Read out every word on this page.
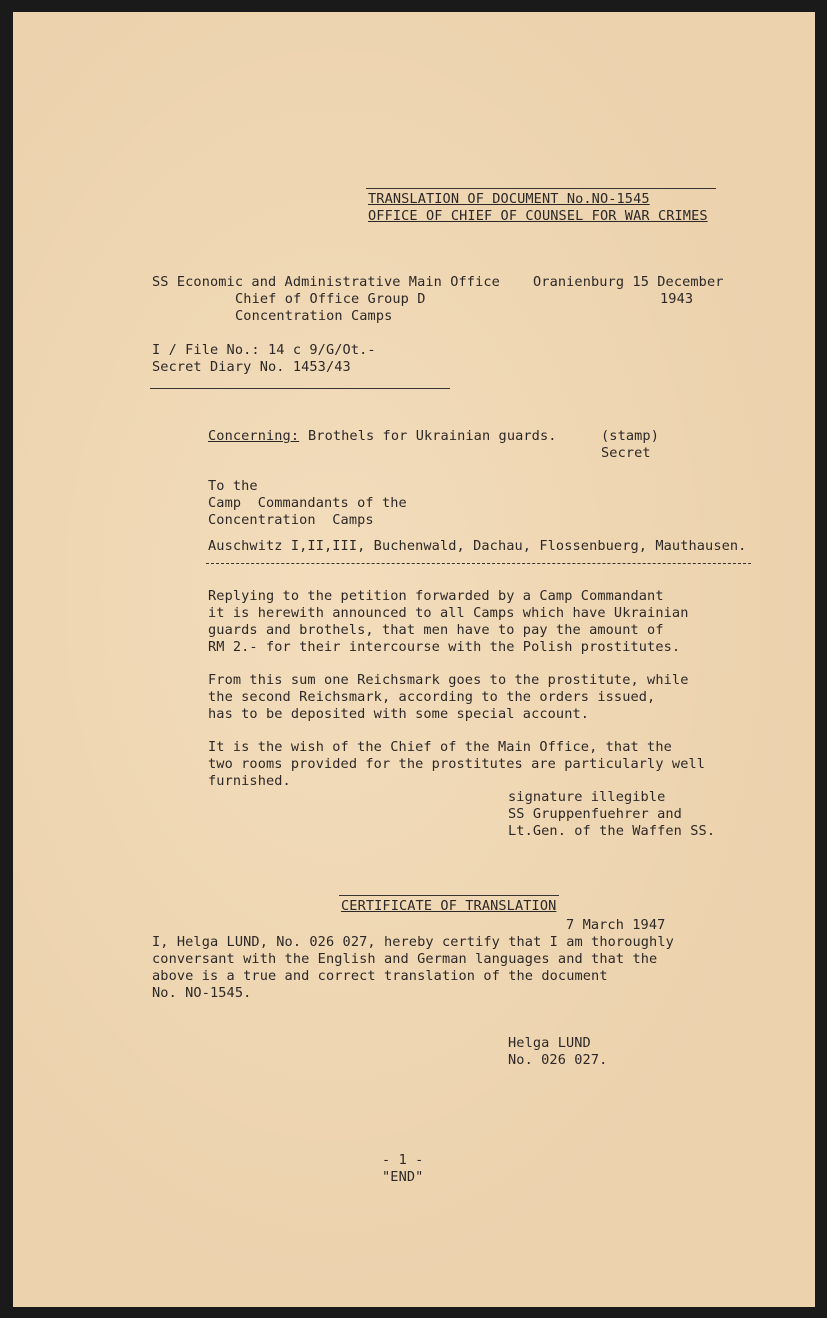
TRANSLATION OF DOCUMENT No.NO-1545
OFFICE OF CHIEF OF COUNSEL FOR WAR CRIMES
SS Economic and Administrative Main Office
Chief of Office Group D
Concentration Camps
Oranienburg 15 December
1943
I / File No.: 14 c 9/G/Ot.-
Secret Diary No. 1453/43
Concerning: Brothels for Ukrainian guards.	(stamp)
Secret
To the
Camp  Commandants of the
Concentration  Camps
Auschwitz I,II,III, Buchenwald, Dachau, Flossenbuerg, Mauthausen.
Replying to the petition forwarded by a Camp Commandant
it is herewith announced to all Camps which have Ukrainian
guards and brothels, that men have to pay the amount of
RM 2.- for their intercourse with the Polish prostitutes.
From this sum one Reichsmark goes to the prostitute, while
the second Reichsmark, according to the orders issued,
has to be deposited with some special account.
It is the wish of the Chief of the Main Office, that the
two rooms provided for the prostitutes are particularly well
furnished.
signature illegible
SS Gruppenfuehrer and
Lt.Gen. of the Waffen SS.
CERTIFICATE OF TRANSLATION
7 March 1947
I, Helga LUND, No. 026 027, hereby certify that I am thoroughly
conversant with the English and German languages and that the
above is a true and correct translation of the document
No. NO-1545.
Helga LUND
No. 026 027.
- 1 -
"END"
